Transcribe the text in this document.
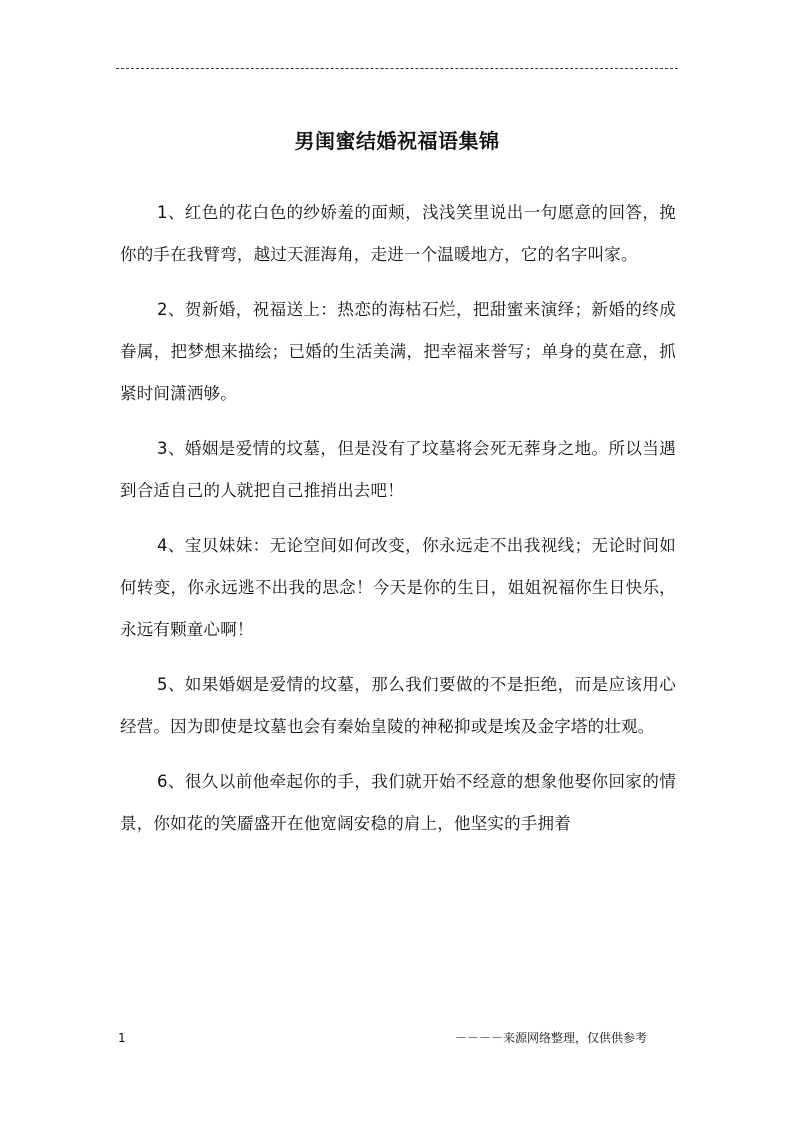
男闺蜜结婚祝福语集锦

1、红色的花白色的纱娇羞的面颊，浅浅笑里说出一句愿意的回答，挽你的手在我臂弯，越过天涯海角，走进一个温暖地方，它的名字叫家。

2、贺新婚，祝福送上：热恋的海枯石烂，把甜蜜来演绎；新婚的终成眷属，把梦想来描绘；已婚的生活美满，把幸福来誉写；单身的莫在意，抓紧时间潇洒够。

3、婚姻是爱情的坟墓，但是没有了坟墓将会死无葬身之地。所以当遇到合适自己的人就把自己推捎出去吧！

4、宝贝妹妹：无论空间如何改变，你永远走不出我视线；无论时间如何转变，你永远逃不出我的思念！今天是你的生日，姐姐祝福你生日快乐，永远有颗童心啊！

5、如果婚姻是爱情的坟墓，那么我们要做的不是拒绝，而是应该用心经营。因为即使是坟墓也会有秦始皇陵的神秘抑或是埃及金字塔的壮观。

6、很久以前他牵起你的手，我们就开始不经意的想象他娶你回家的情景，你如花的笑靥盛开在他宽阔安稳的肩上，他坚实的手拥着

1	－－－－来源网络整理，仅供供参考
